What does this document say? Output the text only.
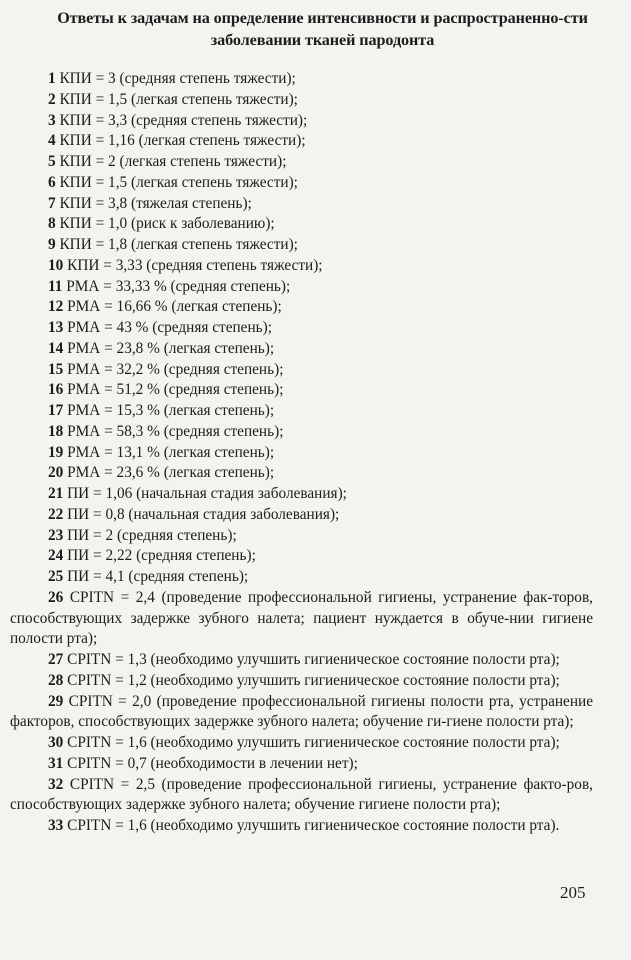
Ответы к задачам на определение интенсивности и распространенно-сти заболевании тканей пародонта
1 КПИ = 3 (средняя степень тяжести);
2 КПИ = 1,5 (легкая степень тяжести);
3 КПИ = 3,3 (средняя степень тяжести);
4 КПИ = 1,16 (легкая степень тяжести);
5 КПИ = 2 (легкая степень тяжести);
6 КПИ = 1,5 (легкая степень тяжести);
7 КПИ = 3,8 (тяжелая степень);
8 КПИ = 1,0 (риск к заболеванию);
9 КПИ = 1,8 (легкая степень тяжести);
10 КПИ = 3,33 (средняя степень тяжести);
11 РМА = 33,33 % (средняя степень);
12 РМА = 16,66 % (легкая степень);
13 РМА = 43 % (средняя степень);
14 РМА = 23,8 % (легкая степень);
15 РМА = 32,2 % (средняя степень);
16 РМА = 51,2 % (средняя степень);
17 РМА = 15,3 % (легкая степень);
18 РМА = 58,3 % (средняя степень);
19 РМА = 13,1 % (легкая степень);
20 РМА = 23,6 % (легкая степень);
21 ПИ = 1,06 (начальная стадия заболевания);
22 ПИ = 0,8 (начальная стадия заболевания);
23 ПИ = 2 (средняя степень);
24 ПИ = 2,22 (средняя степень);
25 ПИ = 4,1 (средняя степень);
26 CPITN = 2,4 (проведение профессиональной гигиены, устранение фак-торов, способствующих задержке зубного налета; пациент нуждается в обуче-нии гигиене полости рта);
27 CPITN = 1,3 (необходимо улучшить гигиеническое состояние полости рта);
28 CPITN = 1,2 (необходимо улучшить гигиеническое состояние полости рта);
29 CPITN = 2,0 (проведение профессиональной гигиены полости рта, устранение факторов, способствующих задержке зубного налета; обучение ги-гиене полости рта);
30 CPITN = 1,6 (необходимо улучшить гигиеническое состояние полости рта);
31 CPITN = 0,7 (необходимости в лечении нет);
32 CPITN = 2,5 (проведение профессиональной гигиены, устранение факто-ров, способствующих задержке зубного налета; обучение гигиене полости рта);
33 CPITN = 1,6 (необходимо улучшить гигиеническое состояние полости рта).
205
